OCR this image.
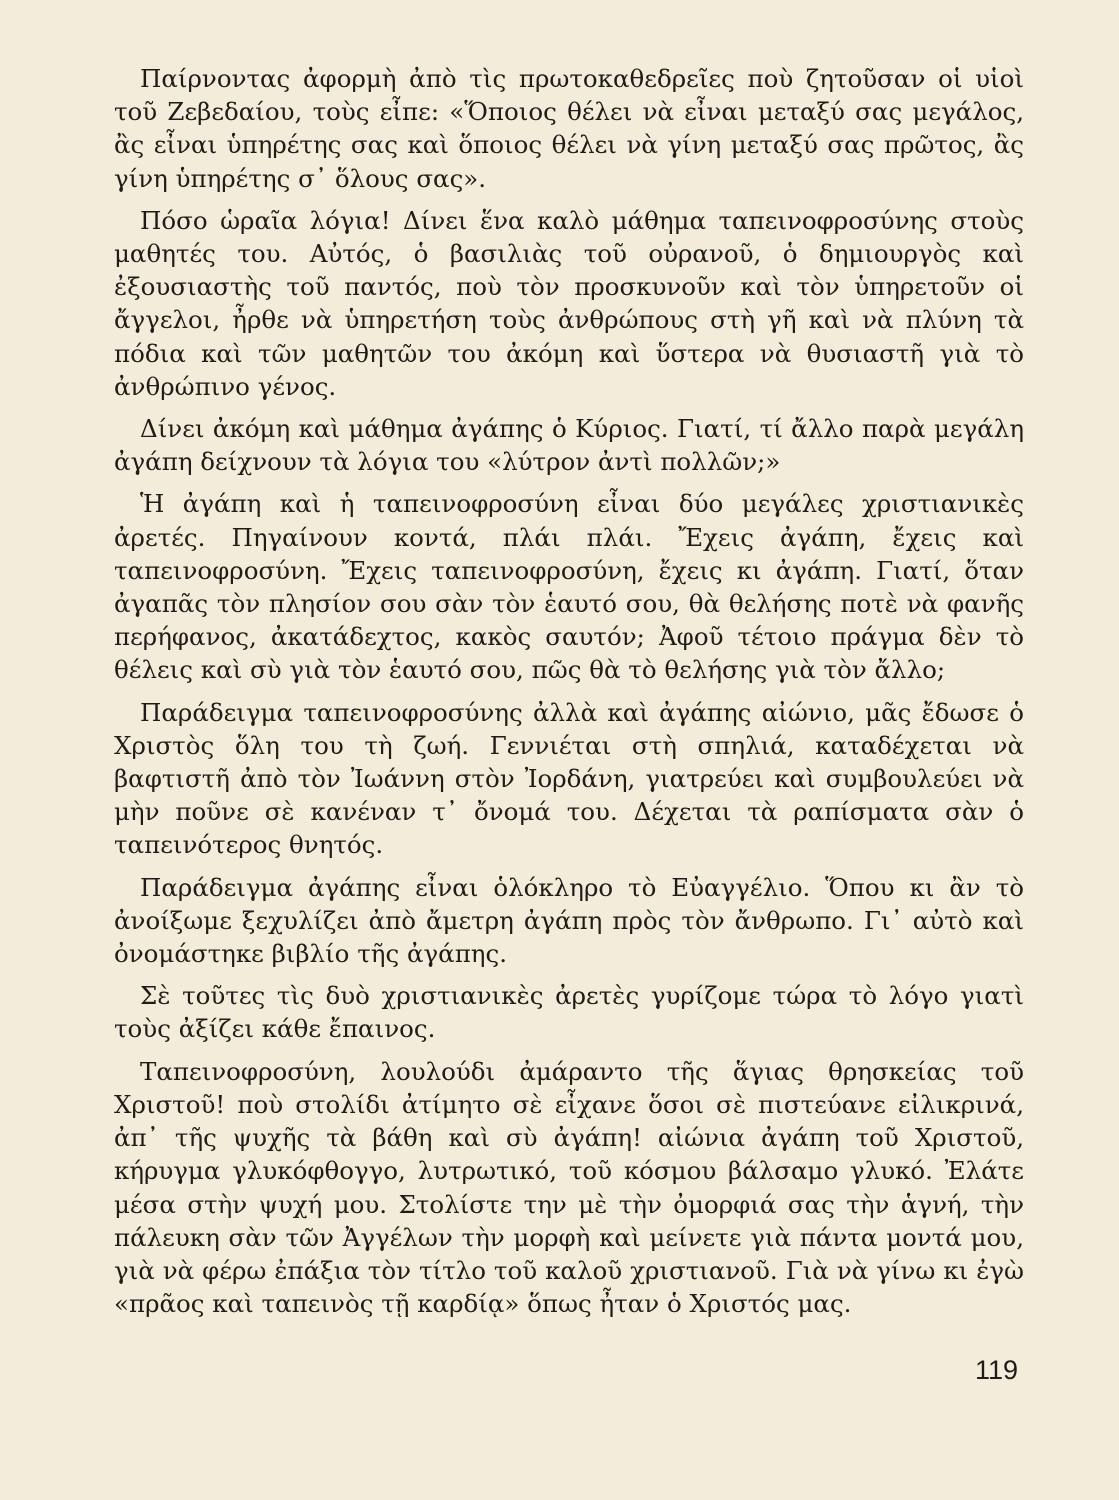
Παίρνοντας ἀφορμὴ ἀπὸ τὶς πρωτοκαθεδρεῖες ποὺ ζητοῦσαν οἱ υἱοὶ τοῦ Ζεβεδαίου, τοὺς εἶπε: «Ὅποιος θέλει νὰ εἶναι μεταξύ σας μεγάλος, ἂς εἶναι ὑπηρέτης σας καὶ ὅποιος θέλει νὰ γίνη μεταξύ σας πρῶτος, ἂς γίνη ὑπηρέτης σ᾽ ὅλους σας».

Πόσο ὡραῖα λόγια! Δίνει ἕνα καλὸ μάθημα ταπεινοφροσύνης στοὺς μαθητές του. Αὐτός, ὁ βασιλιὰς τοῦ οὐρανοῦ, ὁ δημιουργὸς καὶ ἐξουσιαστὴς τοῦ παντός, ποὺ τὸν προσκυνοῦν καὶ τὸν ὑπηρετοῦν οἱ ἄγγελοι, ἦρθε νὰ ὑπηρετήση τοὺς ἀνθρώπους στὴ γῆ καὶ νὰ πλύνη τὰ πόδια καὶ τῶν μαθητῶν του ἀκόμη καὶ ὕστερα νὰ θυσιαστῆ γιὰ τὸ ἀνθρώπινο γένος.

Δίνει ἀκόμη καὶ μάθημα ἀγάπης ὁ Κύριος. Γιατί, τί ἄλλο παρὰ μεγάλη ἀγάπη δείχνουν τὰ λόγια του «λύτρον ἀντὶ πολλῶν;»

Ἡ ἀγάπη καὶ ἡ ταπεινοφροσύνη εἶναι δύο μεγάλες χριστιανικὲς ἀρετές. Πηγαίνουν κοντά, πλάι πλάι. Ἔχεις ἀγάπη, ἔχεις καὶ ταπεινοφροσύνη. Ἔχεις ταπεινοφροσύνη, ἔχεις κι ἀγάπη. Γιατί, ὅταν ἀγαπᾶς τὸν πλησίον σου σὰν τὸν ἑαυτό σου, θὰ θελήσης ποτὲ νὰ φανῆς περήφανος, ἀκατάδεχτος, κακὸς σαυτόν; Ἀφοῦ τέτοιο πράγμα δὲν τὸ θέλεις καὶ σὺ γιὰ τὸν ἑαυτό σου, πῶς θὰ τὸ θελήσης γιὰ τὸν ἄλλο;

Παράδειγμα ταπεινοφροσύνης ἀλλὰ καὶ ἀγάπης αἰώνιο, μᾶς ἔδωσε ὁ Χριστὸς ὅλη του τὴ ζωή. Γεννιέται στὴ σπηλιά, καταδέχεται νὰ βαφτιστῆ ἀπὸ τὸν Ἰωάννη στὸν Ἰορδάνη, γιατρεύει καὶ συμβουλεύει νὰ μὴν ποῦνε σὲ κανέναν τ᾽ ὄνομά του. Δέχεται τὰ ραπίσματα σὰν ὁ ταπεινότερος θνητός.

Παράδειγμα ἀγάπης εἶναι ὁλόκληρο τὸ Εὐαγγέλιο. Ὅπου κι ἂν τὸ ἀνοίξωμε ξεχυλίζει ἀπὸ ἄμετρη ἀγάπη πρὸς τὸν ἄνθρωπο. Γι᾽ αὐτὸ καὶ ὀνομάστηκε βιβλίο τῆς ἀγάπης.

Σὲ τοῦτες τὶς δυὸ χριστιανικὲς ἀρετὲς γυρίζομε τώρα τὸ λόγο γιατὶ τοὺς ἀξίζει κάθε ἔπαινος.

Ταπεινοφροσύνη, λουλούδι ἀμάραντο τῆς ἅγιας θρησκείας τοῦ Χριστοῦ! ποὺ στολίδι ἀτίμητο σὲ εἶχανε ὅσοι σὲ πιστεύανε εἰλικρινά, ἀπ᾽ τῆς ψυχῆς τὰ βάθη καὶ σὺ ἀγάπη! αἰώνια ἀγάπη τοῦ Χριστοῦ, κήρυγμα γλυκόφθογγο, λυτρωτικό, τοῦ κόσμου βάλσαμο γλυκό. Ἐλάτε μέσα στὴν ψυχή μου. Στολίστε την μὲ τὴν ὀμορφιά σας τὴν ἁγνή, τὴν πάλευκη σὰν τῶν Ἀγγέλων τὴν μορφὴ καὶ μείνετε γιὰ πάντα μοντά μου, γιὰ νὰ φέρω ἐπάξια τὸν τίτλο τοῦ καλοῦ χριστιανοῦ. Γιὰ νὰ γίνω κι ἐγὼ «πρᾶος καὶ ταπεινὸς τῇ καρδίᾳ» ὅπως ἦταν ὁ Χριστός μας.

119
